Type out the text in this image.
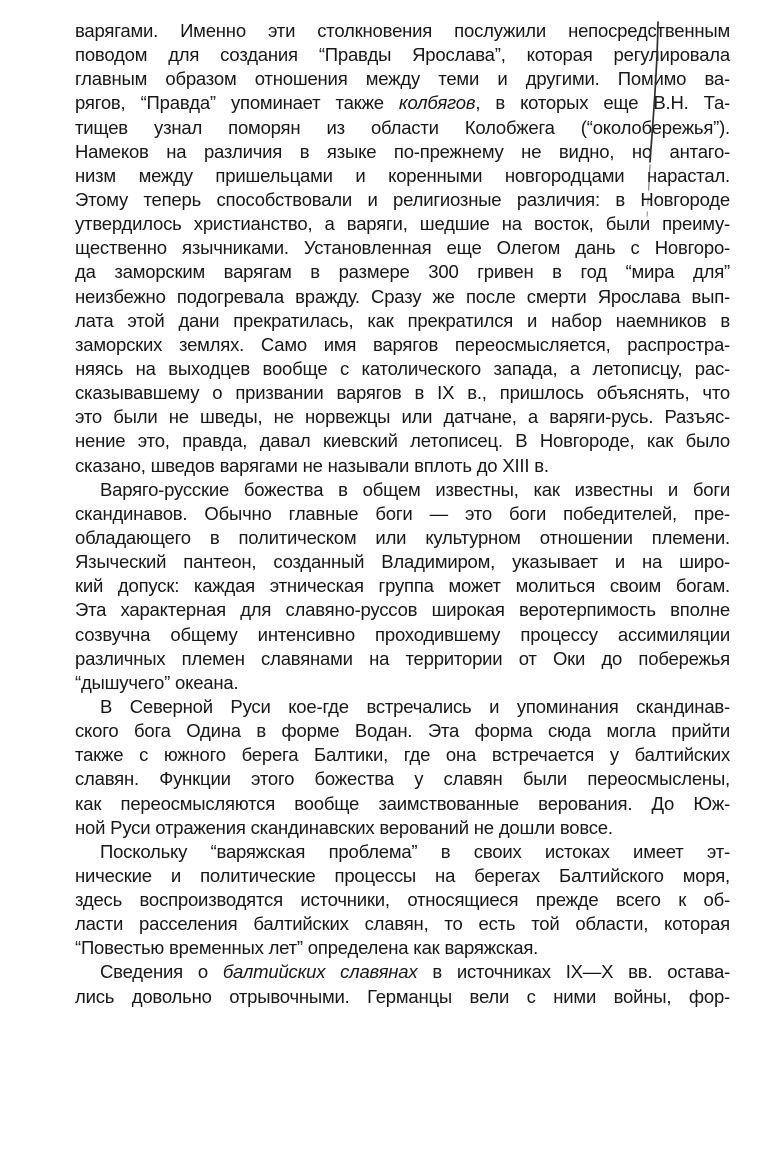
варягами. Именно эти столкновения послужили непосредственным
поводом для создания “Правды Ярослава”, которая регулировала
главным образом отношения между теми и другими. Помимо ва-
рягов, “Правда” упоминает также колбягов, в которых еще В.Н. Та-
тищев узнал поморян из области Колобжега (“околобережья”).
Намеков на различия в языке по-прежнему не видно, но антаго-
низм между пришельцами и коренными новгородцами нарастал.
Этому теперь способствовали и религиозные различия: в Новгороде
утвердилось христианство, а варяги, шедшие на восток, были преиму-
щественно язычниками. Установленная еще Олегом дань с Новгоро-
да заморским варягам в размере 300 гривен в год “мира для”
неизбежно подогревала вражду. Сразу же после смерти Ярослава вып-
лата этой дани прекратилась, как прекратился и набор наемников в
заморских землях. Само имя варягов переосмысляется, распростра-
няясь на выходцев вообще с католического запада, а летописцу, рас-
сказывавшему о призвании варягов в IX в., пришлось объяснять, что
это были не шведы, не норвежцы или датчане, а варяги-русь. Разъяс-
нение это, правда, давал киевский летописец. В Новгороде, как было
сказано, шведов варягами не называли вплоть до XIII в.
Варяго-русские божества в общем известны, как известны и боги
скандинавов. Обычно главные боги — это боги победителей, пре-
обладающего в политическом или культурном отношении племени.
Языческий пантеон, созданный Владимиром, указывает и на широ-
кий допуск: каждая этническая группа может молиться своим богам.
Эта характерная для славяно-руссов широкая веротерпимость вполне
созвучна общему интенсивно проходившему процессу ассимиляции
различных племен славянами на территории от Оки до побережья
“дышучего” океана.
В Северной Руси кое-где встречались и упоминания скандинав-
ского бога Одина в форме Водан. Эта форма сюда могла прийти
также с южного берега Балтики, где она встречается у балтийских
славян. Функции этого божества у славян были переосмыслены,
как переосмысляются вообще заимствованные верования. До Юж-
ной Руси отражения скандинавских верований не дошли вовсе.
Поскольку “варяжская проблема” в своих истоках имеет эт-
нические и политические процессы на берегах Балтийского моря,
здесь воспроизводятся источники, относящиеся прежде всего к об-
ласти расселения балтийских славян, то есть той области, которая
“Повестью временных лет” определена как варяжская.
Сведения о балтийских славянах в источниках IX—X вв. остава-
лись довольно отрывочными. Германцы вели с ними войны, фор-
